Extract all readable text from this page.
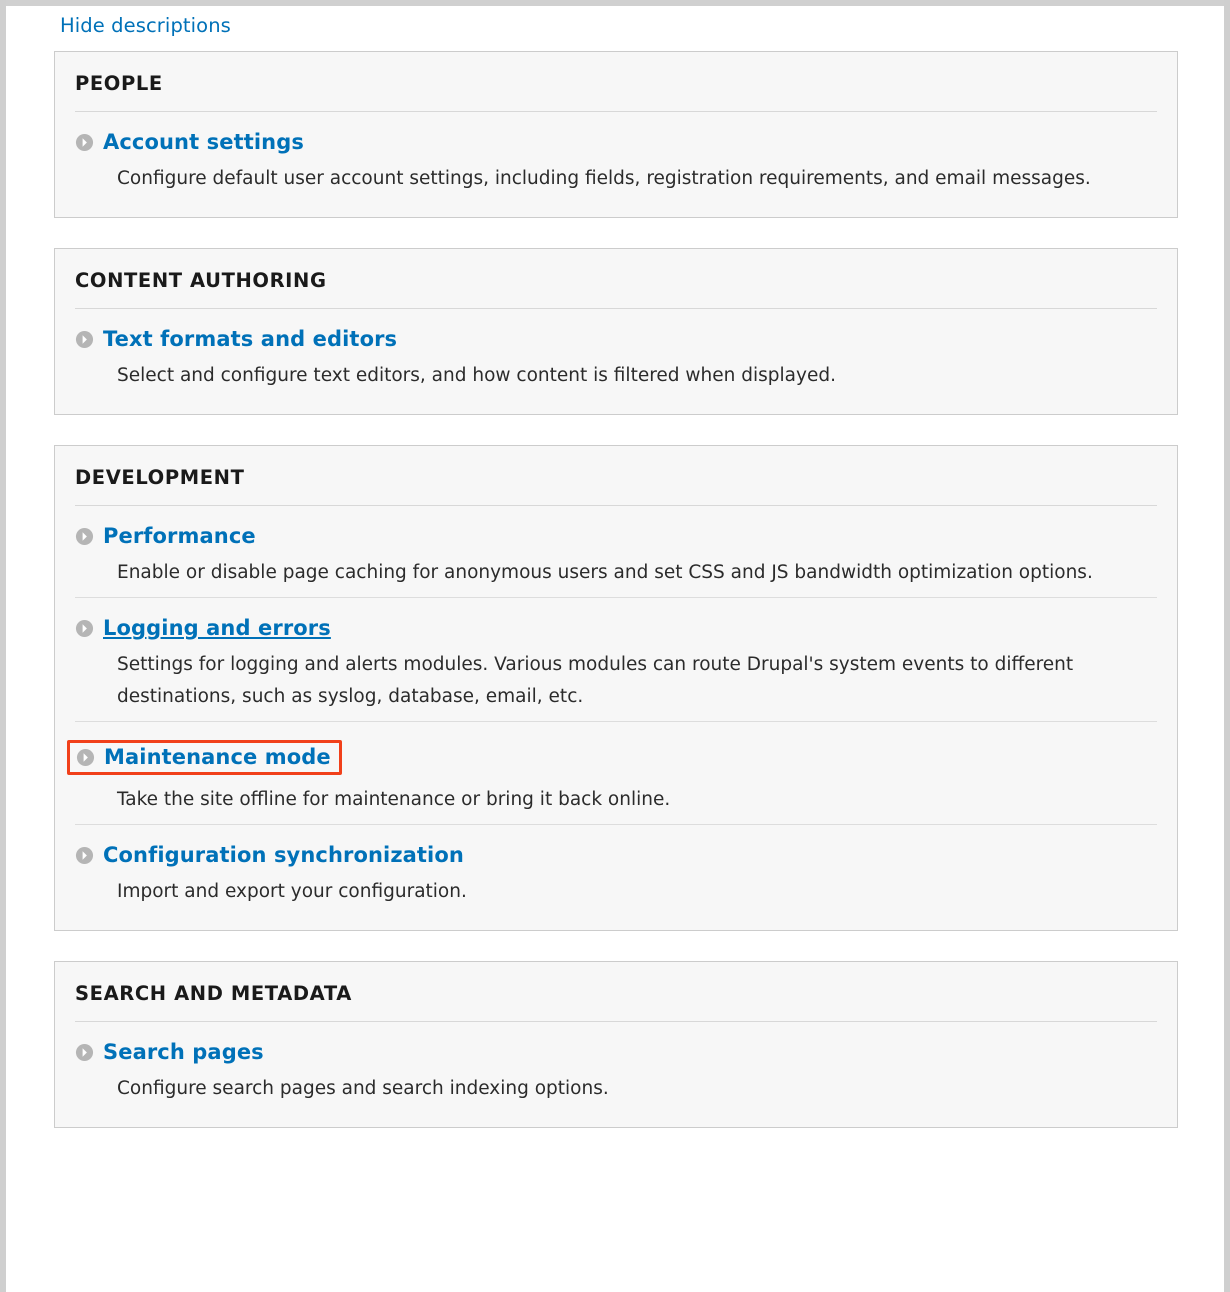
Hide descriptions
PEOPLE
Account settings
Configure default user account settings, including fields, registration requirements, and email messages.
CONTENT AUTHORING
Text formats and editors
Select and configure text editors, and how content is filtered when displayed.
DEVELOPMENT
Performance
Enable or disable page caching for anonymous users and set CSS and JS bandwidth optimization options.
Logging and errors
Settings for logging and alerts modules. Various modules can route Drupal's system events to different destinations, such as syslog, database, email, etc.
Maintenance mode
Take the site offline for maintenance or bring it back online.
Configuration synchronization
Import and export your configuration.
SEARCH AND METADATA
Search pages
Configure search pages and search indexing options.
